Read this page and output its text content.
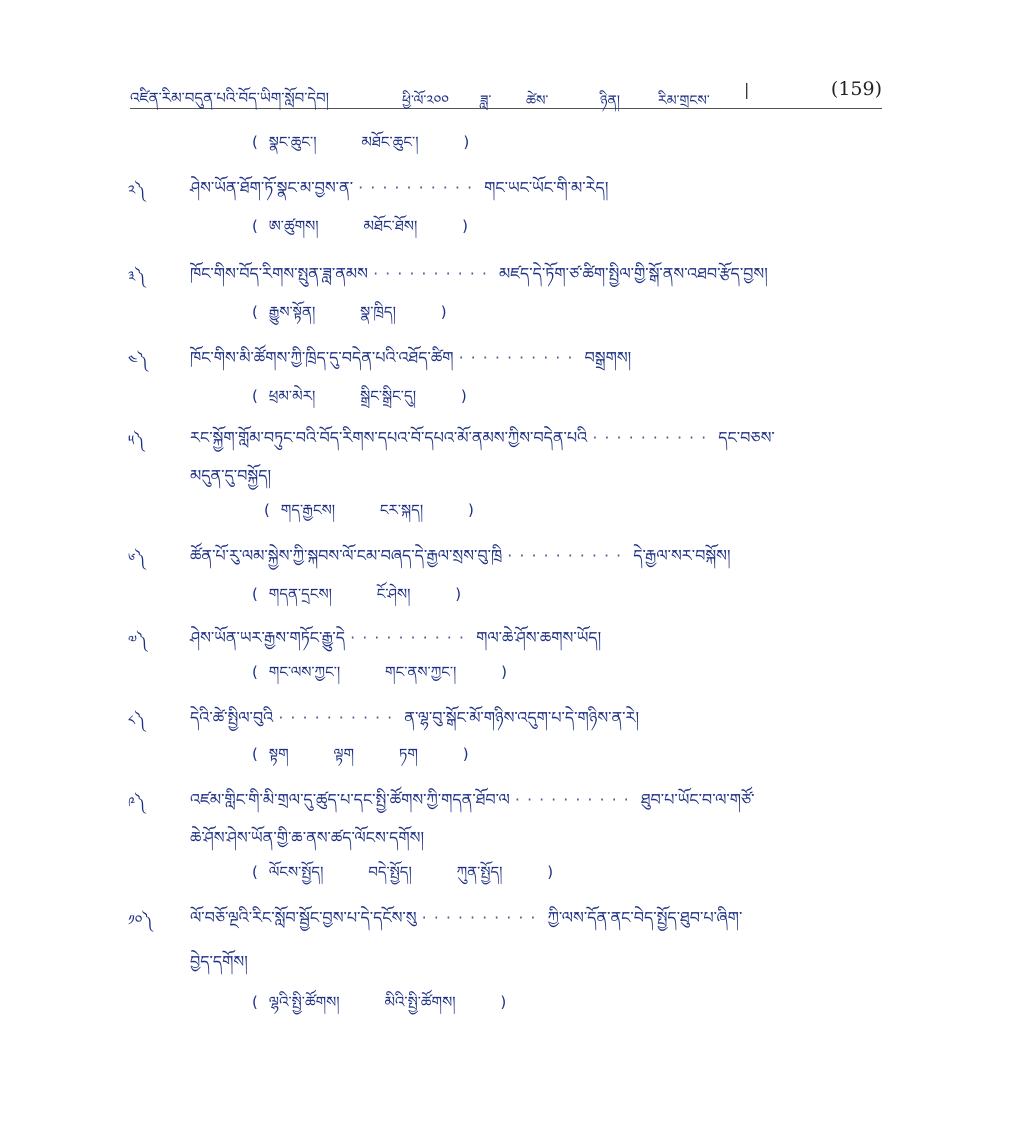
འཛིན་རིམ་བདུན་པའི་བོད་ཡིག་སློབ་དེབ།	ཕྱི་ལོ་༢༠༠ ཟླ་ ཚེས་	ཉིན།	རིམ་གྲངས་
|	(159)
( སྣང་ཆུང་།	མཐོང་ཆུང་།	)
༢༽	ཤེས་ཡོན་ཐོག་ཏོ་སྣང་མ་བྱས་ན་ ·········· གང་ཡང་ཡོང་གི་མ་རེད།
( ཨ་ཚུགས།	མཐོང་ཐོས།	)
༣༽	ཁོང་གིས་བོད་རིགས་སྤུན་ཟླ་ནམས ·········· མཛད་དེ་ཏོག་ཙ་ཚིག་སྤྱིལ་གྱི་སྒོ་ནས་འཐབ་རྩོད་བྱས།
( རྒྱུས་སྟོན།	སྣ་ཁྲིད།	)
༤༽	ཁོང་གིས་མི་ཚོགས་ཀྱི་ཁྲིད་དུ་བདེན་པའི་འཐོད་ཚིག ·········· བསྒྲགས།
( ཕྲམ་མེར།	སྒྲིང་སྒྲིང་དུ།	)
༥༽	རང་སྐྱོག་གློམ་བཏུང་བའི་བོད་རིགས་དཔའ་བོ་དཔའ་མོ་ནམས་ཀྱིས་བདེན་པའི ·········· དང་བཅས་
མདུན་དུ་བསྐྱོད།
( གད་རྒྱངས།	ངར་སྐད།	)
༦༽	ཚོན་པོ་རུ་ལམ་སྐྱེས་ཀྱི་སྐབས་ལོ་ངམ་བཞད་དེ་རྒྱལ་སྲས་བུ་ཁྲི ·········· དེ་རྒྱལ་སར་བསྐོས།
( གདན་དྲངས།	ངོ་ཤེས།	)
༧༽	ཤེས་ཡོན་ཡར་རྒྱས་གཏོང་རྒྱུ་དེ ·········· གལ་ཆེ་ཤོས་ཆགས་ཡོད།
( གང་ལས་ཀྱང་།	གང་ནས་ཀྱང་།	)
༨༽	དེའི་ཚེ་སྤྱིལ་བུའི ·········· ན་ལྷ་བུ་སྒོང་མོ་གཉིས་འདུག་པ་དེ་གཉིས་ན་རེ།
( སྟག	ལྟག	ཏག	)
༩༽	འཛམ་གླིང་གི་མི་གྲལ་དུ་ཚུད་པ་དང་སྤྱི་ཚོགས་ཀྱི་གདན་ཐོབ་ལ ·········· ཐུབ་པ་ཡོང་བ་ལ་གཙོ་
ཆེ་ཤོས་ཤེས་ཡོན་གྱི་ཆ་ནས་ཚད་ལོངས་དགོས།
( ལོངས་སྤྱོད།	བདེ་སྤྱོད།	ཀུན་སྤྱོད།	)
༡༠༽ ལོ་བཅོ་ལྔའི་རིང་སློབ་སྦྱོང་བྱས་པ་དེ་དངོས་སུ ·········· ཀྱི་ལས་དོན་ནང་བེད་སྤྱོད་ཐུབ་པ་ཞིག་
བྱེད་དགོས།
( ལྷའི་སྤྱི་ཚོགས།	མིའི་སྤྱི་ཚོགས།	)
